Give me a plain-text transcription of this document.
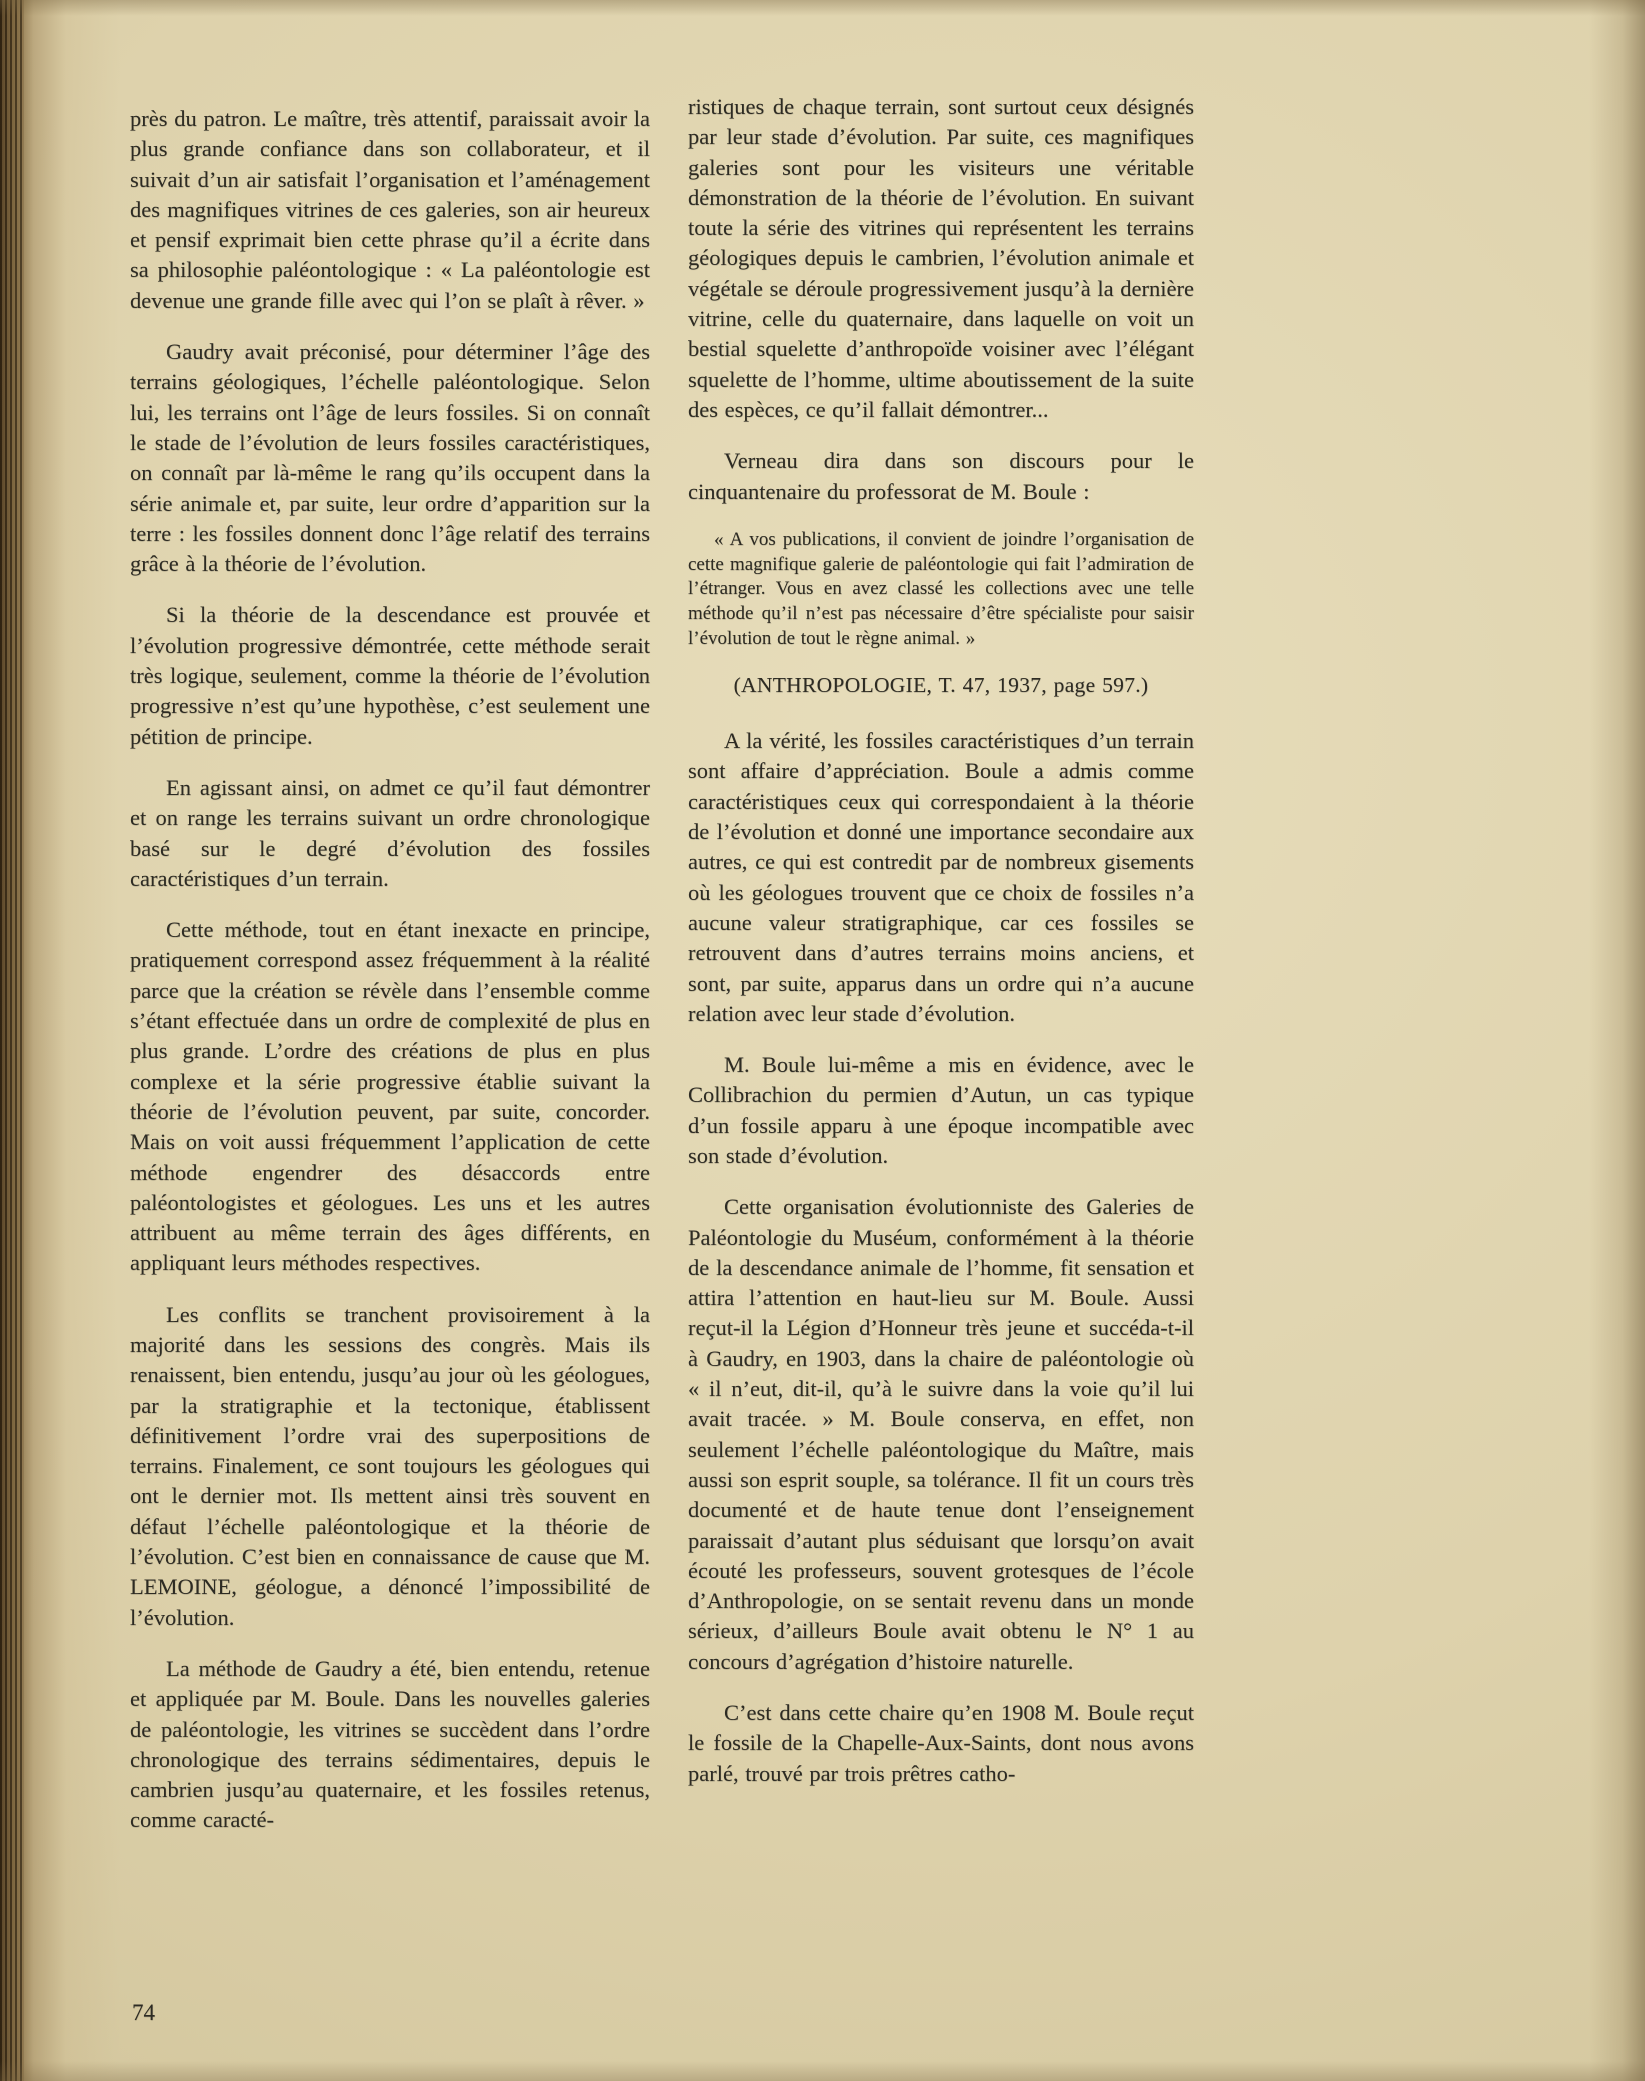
près du patron. Le maître, très attentif, paraissait avoir la plus grande confiance dans son collaborateur, et il suivait d’un air satisfait l’organisation et l’aménagement des magnifiques vitrines de ces galeries, son air heureux et pensif exprimait bien cette phrase qu’il a écrite dans sa philosophie paléontologique : « La paléontologie est devenue une grande fille avec qui l’on se plaît à rêver. »

Gaudry avait préconisé, pour déterminer l’âge des terrains géologiques, l’échelle paléontologique. Selon lui, les terrains ont l’âge de leurs fossiles. Si on connaît le stade de l’évolution de leurs fossiles caractéristiques, on connaît par là-même le rang qu’ils occupent dans la série animale et, par suite, leur ordre d’apparition sur la terre : les fossiles donnent donc l’âge relatif des terrains grâce à la théorie de l’évolution.

Si la théorie de la descendance est prouvée et l’évolution progressive démontrée, cette méthode serait très logique, seulement, comme la théorie de l’évolution progressive n’est qu’une hypothèse, c’est seulement une pétition de principe.

En agissant ainsi, on admet ce qu’il faut démontrer et on range les terrains suivant un ordre chronologique basé sur le degré d’évolution des fossiles caractéristiques d’un terrain.

Cette méthode, tout en étant inexacte en principe, pratiquement correspond assez fréquemment à la réalité parce que la création se révèle dans l’ensemble comme s’étant effectuée dans un ordre de complexité de plus en plus grande. L’ordre des créations de plus en plus complexe et la série progressive établie suivant la théorie de l’évolution peuvent, par suite, concorder. Mais on voit aussi fréquemment l’application de cette méthode engendrer des désaccords entre paléontologistes et géologues. Les uns et les autres attribuent au même terrain des âges différents, en appliquant leurs méthodes respectives.

Les conflits se tranchent provisoirement à la majorité dans les sessions des congrès. Mais ils renaissent, bien entendu, jusqu’au jour où les géologues, par la stratigraphie et la tectonique, établissent définitivement l’ordre vrai des superpositions de terrains. Finalement, ce sont toujours les géologues qui ont le dernier mot. Ils mettent ainsi très souvent en défaut l’échelle paléontologique et la théorie de l’évolution. C’est bien en connaissance de cause que M. LEMOINE, géologue, a dénoncé l’impossibilité de l’évolution.

La méthode de Gaudry a été, bien entendu, retenue et appliquée par M. Boule. Dans les nouvelles galeries de paléontologie, les vitrines se succèdent dans l’ordre chronologique des terrains sédimentaires, depuis le cambrien jusqu’au quaternaire, et les fossiles retenus, comme caracté-

ristiques de chaque terrain, sont surtout ceux désignés par leur stade d’évolution. Par suite, ces magnifiques galeries sont pour les visiteurs une véritable démonstration de la théorie de l’évolution. En suivant toute la série des vitrines qui représentent les terrains géologiques depuis le cambrien, l’évolution animale et végétale se déroule progressivement jusqu’à la dernière vitrine, celle du quaternaire, dans laquelle on voit un bestial squelette d’anthropoïde voisiner avec l’élégant squelette de l’homme, ultime aboutissement de la suite des espèces, ce qu’il fallait démontrer...

Verneau dira dans son discours pour le cinquantenaire du professorat de M. Boule :

« A vos publications, il convient de joindre l’organisation de cette magnifique galerie de paléontologie qui fait l’admiration de l’étranger. Vous en avez classé les collections avec une telle méthode qu’il n’est pas nécessaire d’être spécialiste pour saisir l’évolution de tout le règne animal. »

(ANTHROPOLOGIE, T. 47, 1937, page 597.)

A la vérité, les fossiles caractéristiques d’un terrain sont affaire d’appréciation. Boule a admis comme caractéristiques ceux qui correspondaient à la théorie de l’évolution et donné une importance secondaire aux autres, ce qui est contredit par de nombreux gisements où les géologues trouvent que ce choix de fossiles n’a aucune valeur stratigraphique, car ces fossiles se retrouvent dans d’autres terrains moins anciens, et sont, par suite, apparus dans un ordre qui n’a aucune relation avec leur stade d’évolution.

M. Boule lui-même a mis en évidence, avec le Collibrachion du permien d’Autun, un cas typique d’un fossile apparu à une époque incompatible avec son stade d’évolution.

Cette organisation évolutionniste des Galeries de Paléontologie du Muséum, conformément à la théorie de la descendance animale de l’homme, fit sensation et attira l’attention en haut-lieu sur M. Boule. Aussi reçut-il la Légion d’Honneur très jeune et succéda-t-il à Gaudry, en 1903, dans la chaire de paléontologie où « il n’eut, dit-il, qu’à le suivre dans la voie qu’il lui avait tracée. » M. Boule conserva, en effet, non seulement l’échelle paléontologique du Maître, mais aussi son esprit souple, sa tolérance. Il fit un cours très documenté et de haute tenue dont l’enseignement paraissait d’autant plus séduisant que lorsqu’on avait écouté les professeurs, souvent grotesques de l’école d’Anthropologie, on se sentait revenu dans un monde sérieux, d’ailleurs Boule avait obtenu le N° 1 au concours d’agrégation d’histoire naturelle.

C’est dans cette chaire qu’en 1908 M. Boule reçut le fossile de la Chapelle-Aux-Saints, dont nous avons parlé, trouvé par trois prêtres catho-

74
